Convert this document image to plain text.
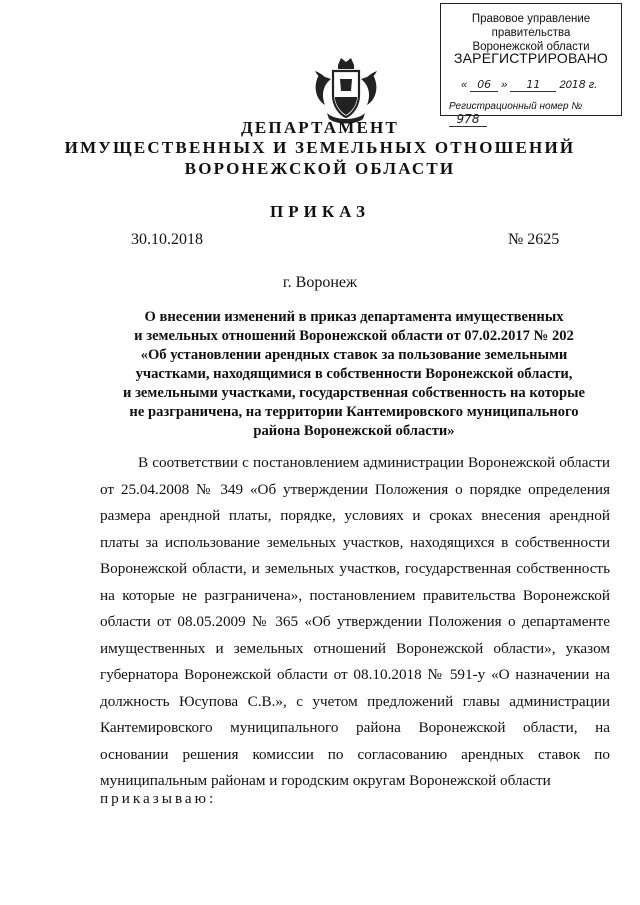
Правовое управление правительства
Воронежской области
ЗАРЕГИСТРИРОВАНО
« 06 » 11 2018 г.
Регистрационный номер № 978
ДЕПАРТАМЕНТ
ИМУЩЕСТВЕННЫХ И ЗЕМЕЛЬНЫХ ОТНОШЕНИЙ
ВОРОНЕЖСКОЙ ОБЛАСТИ
ПРИКАЗ
30.10.2018	№ 2625
г. Воронеж
О внесении изменений в приказ департамента имущественных
и земельных отношений Воронежской области от 07.02.2017 № 202
«Об установлении арендных ставок за пользование земельными
участками, находящимися в собственности Воронежской области,
и земельными участками, государственная собственность на которые
не разграничена, на территории Кантемировского муниципального
района Воронежской области»

В соответствии с постановлением администрации Воронежской области от 25.04.2008 № 349 «Об утверждении Положения о порядке определения размера арендной платы, порядке, условиях и сроках внесения арендной платы за использование земельных участков, находящихся в собственности Воронежской области, и земельных участков, государственная собственность на которые не разграничена», постановлением правительства Воронежской области от 08.05.2009 № 365 «Об утверждении Положения о департаменте имущественных и земельных отношений Воронежской области», указом губернатора Воронежской области от 08.10.2018 № 591-у «О назначении на должность Юсупова С.В.», с учетом предложений главы администрации Кантемировского муниципального района Воронежской области, на основании решения комиссии по согласованию арендных ставок по муниципальным районам и городским округам Воронежской области

приказываю:
